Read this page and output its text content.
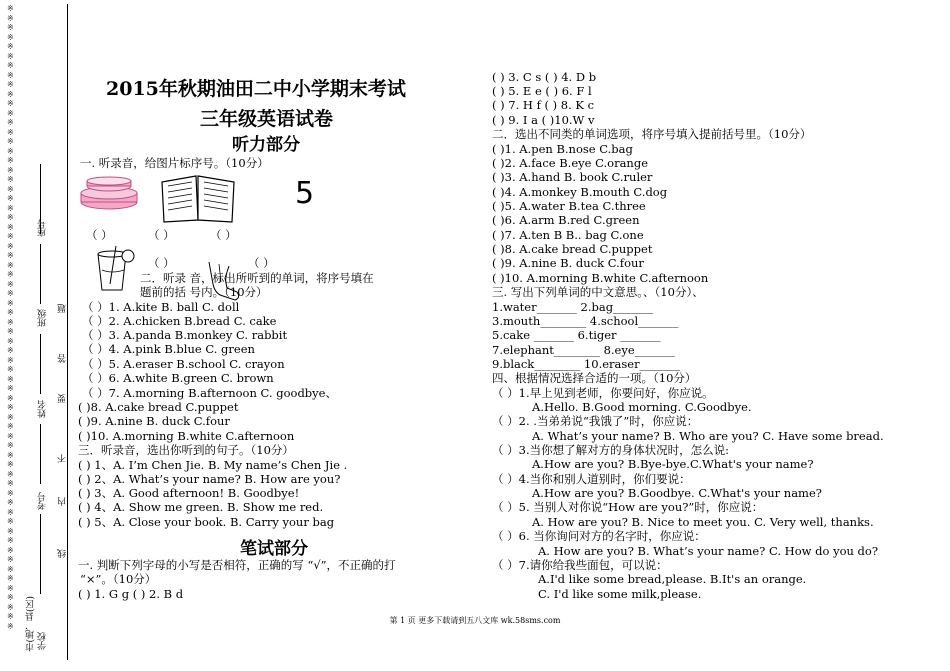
※※※※※※※※※※※※※※※※※※※※※※※※※※※※※※※※※※※※※※※※※※※※※※※※※※※※※※※※※※※※※※※※※※
座号
班级
姓名
考号
市(地、县(区) 学校
题
答
要
不
内
线
2015年秋期油田二中小学期末考试
三年级英语试卷
听力部分
一. 听录音，给图片标序号。（10分）
5
（ ）	（ ）	（ ）
（ ）	（ ）
二．听录 音，标出所听到的单词，将序号填在
题前的括 号内。（10分）
（ ）1. A.kite B. ball C. doll
（ ）2. A.chicken B.bread C. cake
（ ）3. A.panda B.monkey C. rabbit
（ ）4. A.pink B.blue C. green
（ ）5. A.eraser B.school C. crayon
（ ）6. A.white B.green C. brown
（ ）7. A.morning B.afternoon C. goodbye、
( )8. A.cake bread C.puppet
( )9. A.nine B. duck C.four
( )10. A.morning B.white C.afternoon
三．听录音，选出你听到的句子。（10分）
( ) 1、A. I’m Chen Jie. B. My name’s Chen Jie .
( ) 2、A. What’s your name? B. How are you?
( ) 3、A. Good afternoon! B. Goodbye!
( ) 4、A. Show me green. B. Show me red.
( ) 5、A. Close your book. B. Carry your bag
笔试部分
一. 判断下列字母的小写是否相符，正确的写 “√”，不正确的打
“×”。（10分）
( ) 1. G g ( ) 2. B d
( ) 3. C s ( ) 4. D b
( ) 5. E e ( ) 6. F l
( ) 7. H f ( ) 8. K c
( ) 9. I a ( )10.W v
二．选出不同类的单词选项，将序号填入提前括号里。（10分）
( )1. A.pen B.nose C.bag
( )2. A.face B.eye C.orange
( )3. A.hand B. book C.ruler
( )4. A.monkey B.mouth C.dog
( )5. A.water B.tea C.three
( )6. A.arm B.red C.green
( )7. A.ten B B.. bag C.one
( )8. A.cake bread C.puppet
( )9. A.nine B. duck C.four
( )10. A.morning B.white C.afternoon
三. 写出下列单词的中文意思。、（10分）、
1.water_______ 2.bag_______
3.mouth________ 4.school_______
5.cake _______ 6.tiger _______
7.elephant________ 8.eye_______
9.black________ 10.eraser_______
四、根据情况选择合适的一项。（10分）
（ ）1.早上见到老师，你要问好，你应说。
A.Hello. B.Good morning. C.Goodbye.
（ ）2. .当弟弟说“我饿了”时，你应说：
A. What’s your name? B. Who are you? C. Have some bread.
（ ）3.当你想了解对方的身体状况时，怎么说:
A.How are you? B.Bye-bye.C.What's your name?
（ ）4.当你和别人道别时，你们要说：
A.How are you? B.Goodbye. C.What's your name?
（ ）5. 当别人对你说“How are you?”时，你应说：
A. How are you? B. Nice to meet you. C. Very well, thanks.
（ ）6. 当你询问对方的名字时，你应说：
A. How are you? B. What’s your name? C. How do you do?
（ ）7.请你给我些面包，可以说：
A.I'd like some bread,please. B.It's an orange.
C. I'd like some milk,please.
第 1 页 更多下载请到五八文库 wk.58sms.com
